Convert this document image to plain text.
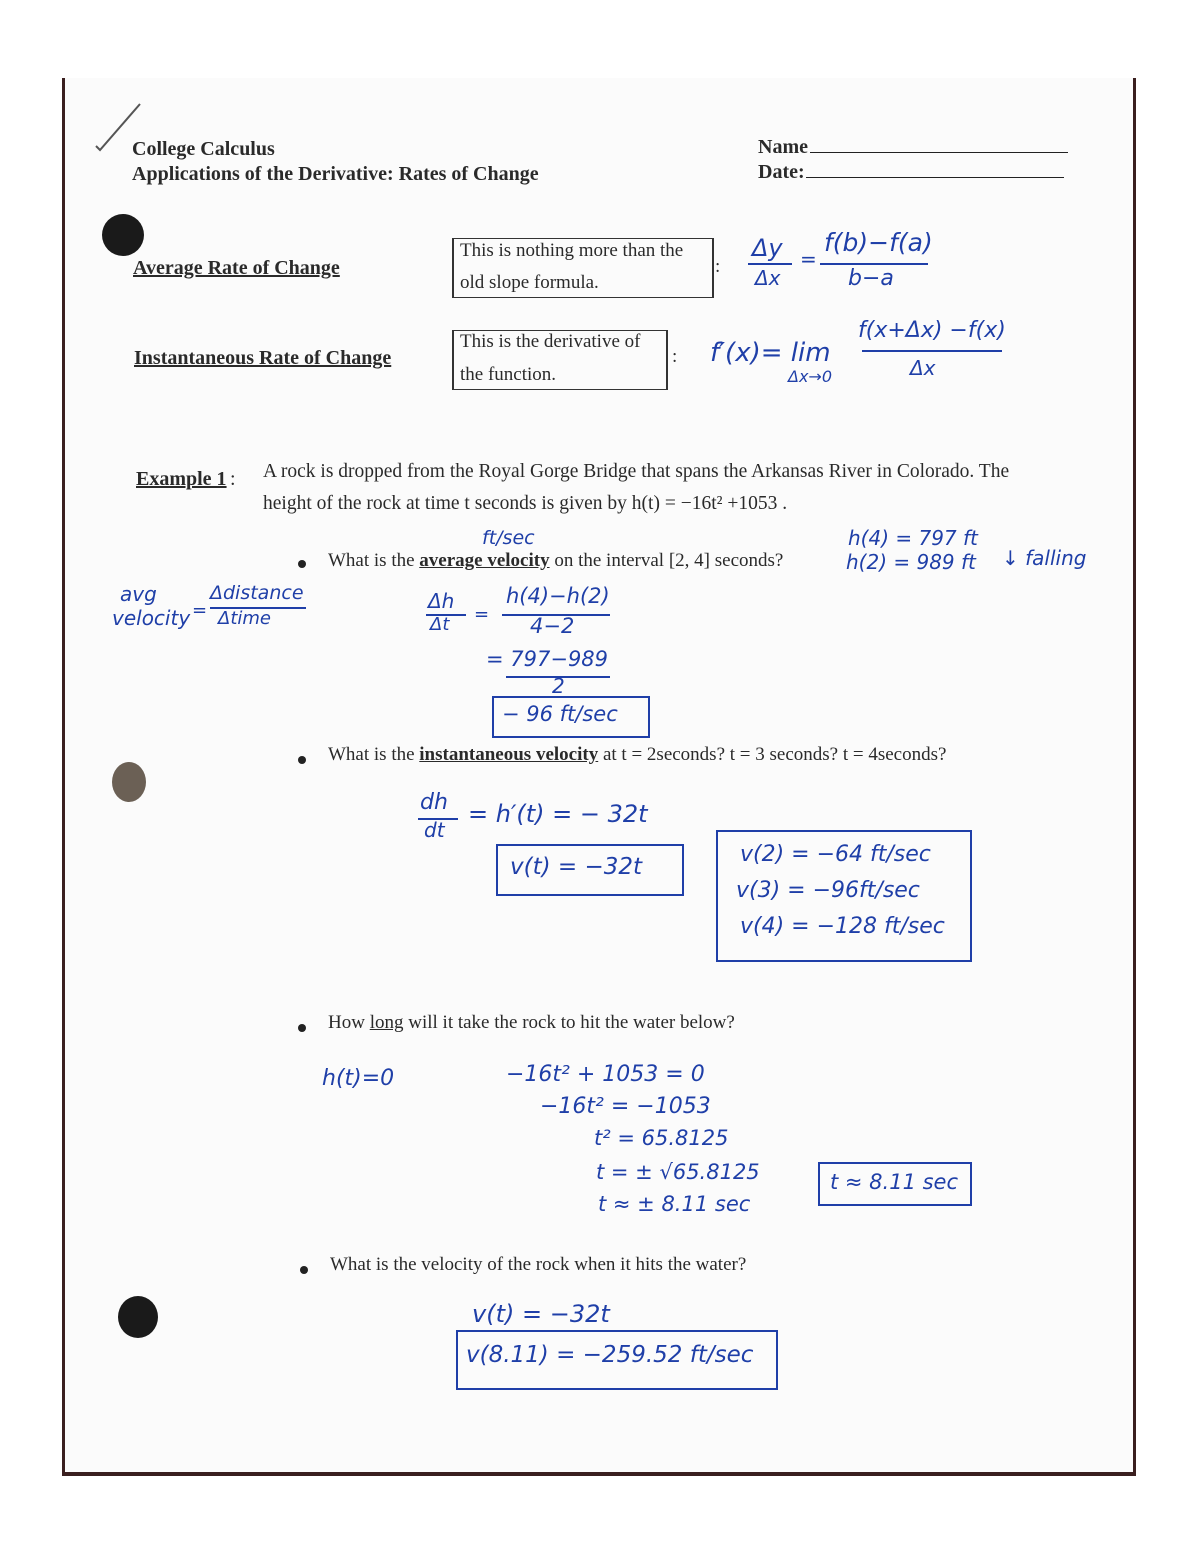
College Calculus
Applications of the Derivative: Rates of Change
Name
Date:
Average Rate of Change
This is nothing more than the
old slope formula.
:
Δy
Δx
=
f(b)−f(a)
b−a
Instantaneous Rate of Change
This is the derivative of
the function.
: f′(x)= lim
Δx→0
f(x+Δx) −f(x)
Δx
Example 1 : A rock is dropped from the Royal Gorge Bridge that spans the Arkansas River in Colorado. The
height of the rock at time t seconds is given by h(t) = −16t² +1053 .
ft/sec
What is the average velocity on the interval [2, 4] seconds?
h(4) = 797 ft
h(2) = 989 ft ↓ falling
avg
velocity =
Δdistance
Δtime
Δh
Δt =
h(4)−h(2)
4−2
= 797−989
2
− 96 ft/sec
What is the instantaneous velocity at t = 2seconds? t = 3 seconds? t = 4seconds?
dh
dt
= h′(t) = − 32t
v(t) = −32t	v(2) = −64 ft/sec
v(3) = −96ft/sec
v(4) = −128 ft/sec
How long will it take the rock to hit the water below?
h(t)=0	−16t² + 1053 = 0
−16t² = −1053
t² = 65.8125
t = ± √65.8125
t ≈ ± 8.11 sec
t ≈ 8.11 sec
What is the velocity of the rock when it hits the water?
v(t) = −32t
v(8.11) = −259.52 ft/sec
